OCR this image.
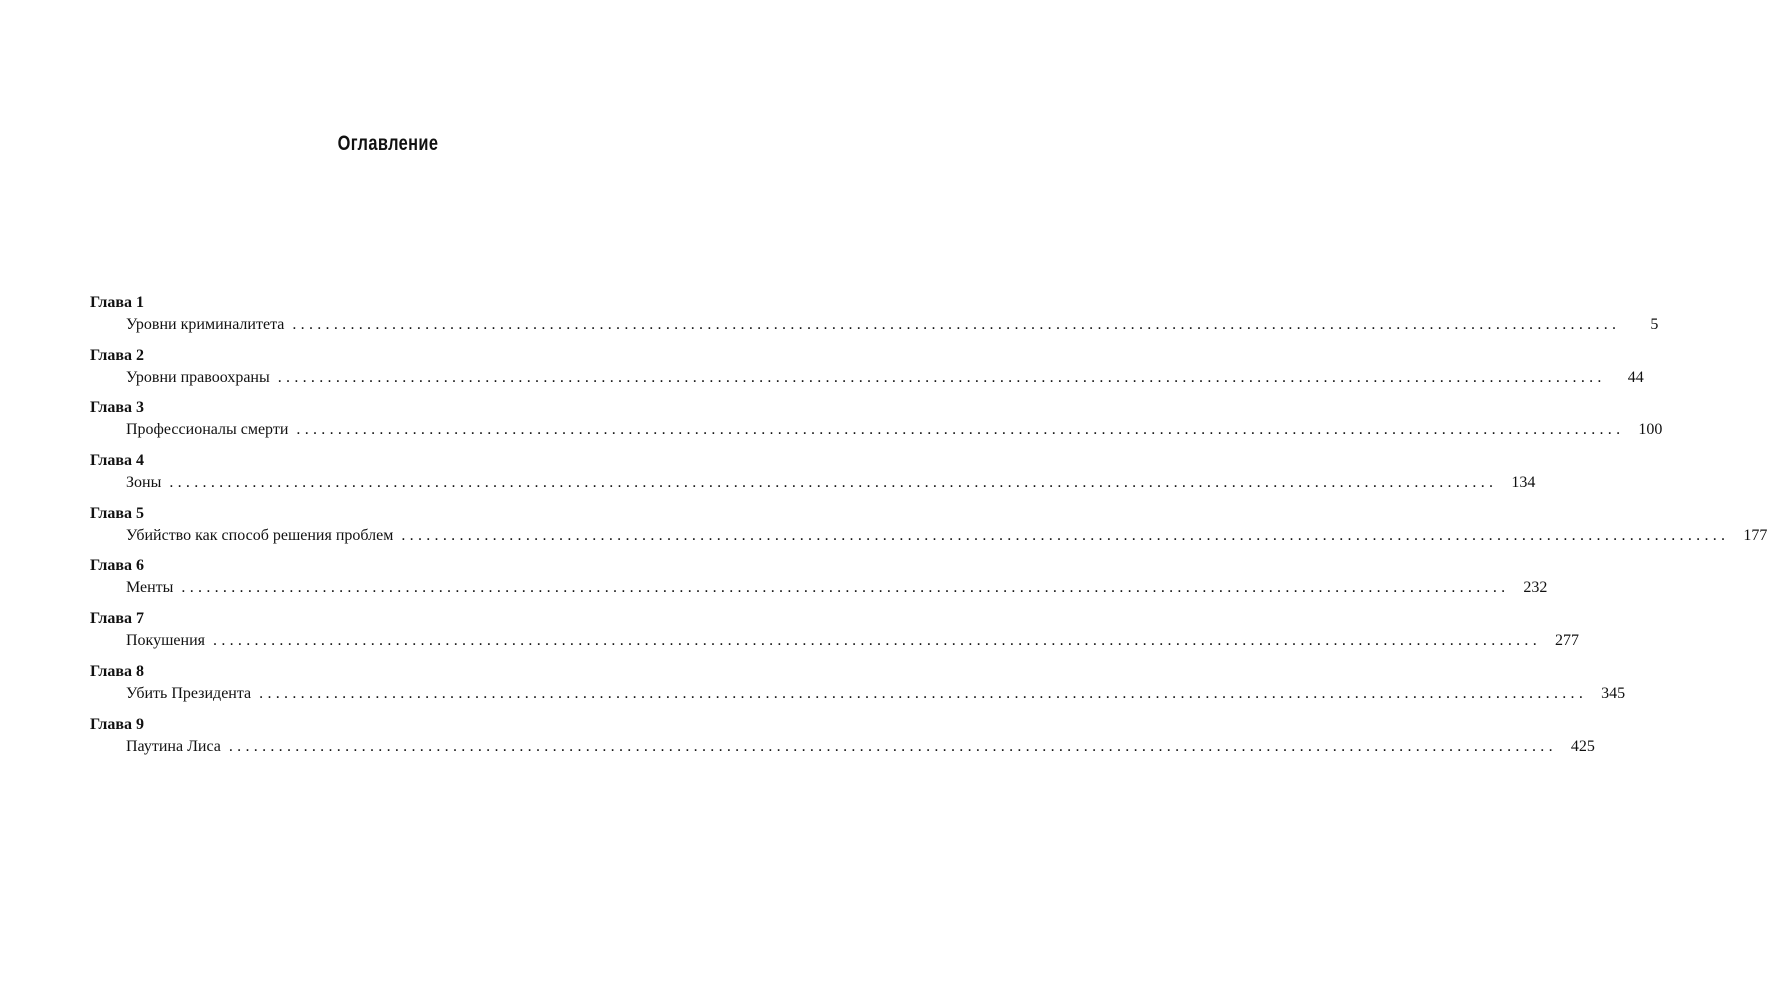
Оглавление
Глава 1
Уровни криминалитета ................................................................................................................................................................	5
Глава 2
Уровни правоохраны ................................................................................................................................................................	44
Глава 3
Профессионалы смерти ................................................................................................................................................................ 100
Глава 4
Зоны ................................................................................................................................................................ 134
Глава 5
Убийство как способ решения проблем ................................................................................................................................................................ 177
Глава 6
Менты ................................................................................................................................................................ 232
Глава 7
Покушения ................................................................................................................................................................ 277
Глава 8
Убить Президента ................................................................................................................................................................ 345
Глава 9
Паутина Лиса ................................................................................................................................................................ 425
